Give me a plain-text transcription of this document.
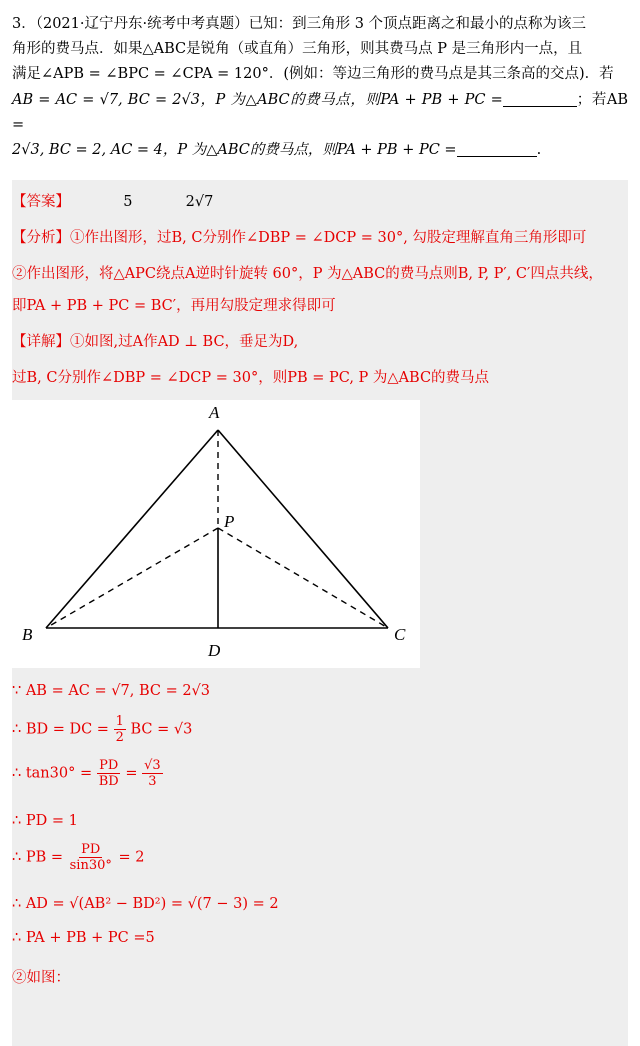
3．（2021·辽宁丹东·统考中考真题）已知：到三角形 3 个顶点距离之和最小的点称为该三

角形的费马点．如果△ABC是锐角（或直角）三角形，则其费马点 P 是三角形内一点，且

满足∠APB = ∠BPC = ∠CPA = 120°．(例如：等边三角形的费马点是其三条高的交点)．若

AB = AC = √7, BC = 2√3，P 为△ABC的费马点，则PA + PB + PC =	；若AB =

2√3, BC = 2, AC = 4，P 为△ABC的费马点，则PA + PB + PC =	.

【答案】	5	2√7
【分析】①作出图形，过B, C分别作∠DBP = ∠DCP = 30°, 勾股定理解直角三角形即可
②作出图形，将△APC绕点A逆时针旋转 60°，P 为△ABC的费马点则B, P, P′, C′四点共线，
即PA + PB + PC = BC′，再用勾股定理求得即可
【详解】①如图,过A作AD ⊥ BC，垂足为D,
过B, C分别作∠DBP = ∠DCP = 30°，则PB = PC, P 为△ABC的费马点
A
P
B	C
D
∵ AB = AC = √7, BC = 2√3
∴ BD = DC = $\frac{1}{2}$ BC = √3
∴ $\tan 30^\circ = \frac{PD}{BD} = \frac{√3}{3}$
∴ PD = 1
∴ PB = $\frac{PD}{\sin 30^\circ} = 2$
∴ AD = √(AB² − BD²) = √(7 − 3) = 2
∴ PA + PB + PC =5
②如图：
